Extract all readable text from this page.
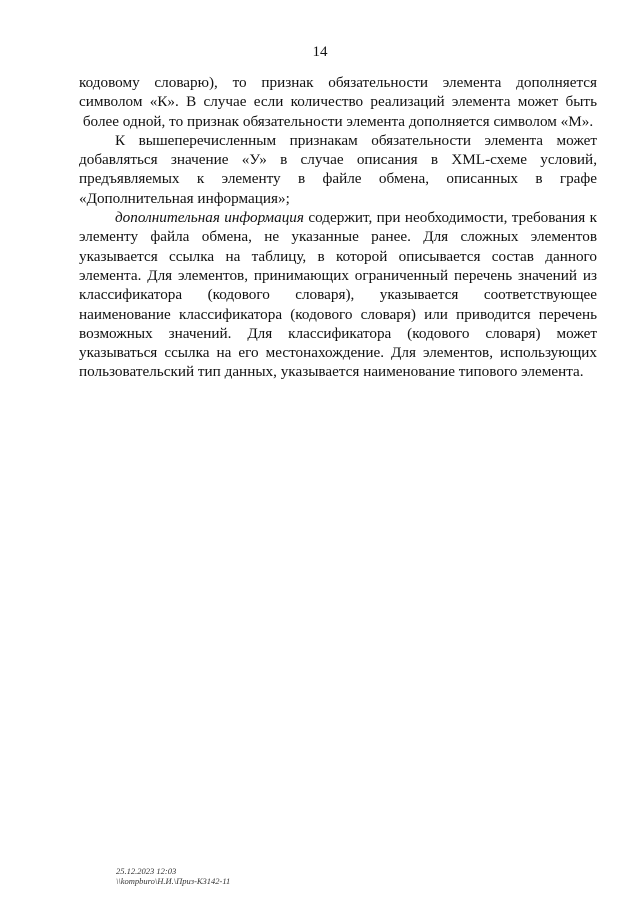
14

кодовому словарю), то признак обязательности элемента дополняется символом «К». В случае если количество реализаций элемента может быть более одной, то признак обязательности элемента дополняется символом «М».

К вышеперечисленным признакам обязательности элемента может добавляться значение «У» в случае описания в XML-схеме условий, предъявляемых к элементу в файле обмена, описанных в графе «Дополнительная информация»;

дополнительная информация содержит, при необходимости, требования к элементу файла обмена, не указанные ранее. Для сложных элементов указывается ссылка на таблицу, в которой описывается состав данного элемента. Для элементов, принимающих ограниченный перечень значений из классификатора (кодового словаря), указывается соответствующее наименование классификатора (кодового словаря) или приводится перечень возможных значений. Для классификатора (кодового словаря) может указываться ссылка на его местонахождение. Для элементов, использующих пользовательский тип данных, указывается наименование типового элемента.

25.12.2023 12:03
\\kompburo\Н.И.\Приз-К3142-11
